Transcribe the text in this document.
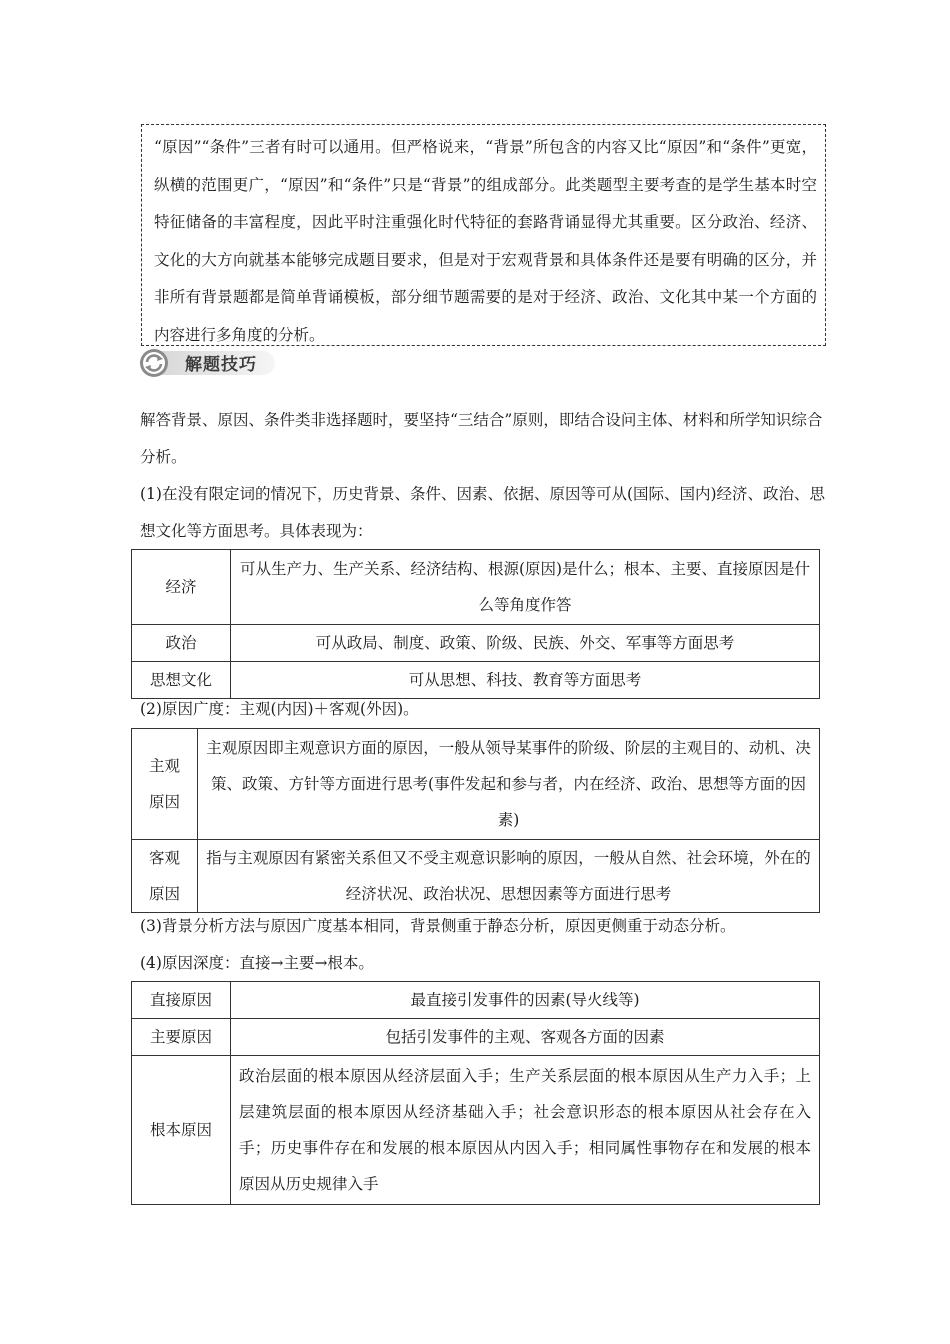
“原因”“条件”三者有时可以通用。但严格说来，“背景”所包含的内容又比“原因”和“条件”更宽，纵横的范围更广，“原因”和“条件”只是“背景”的组成部分。此类题型主要考查的是学生基本时空特征储备的丰富程度，因此平时注重强化时代特征的套路背诵显得尤其重要。区分政治、经济、文化的大方向就基本能够完成题目要求，但是对于宏观背景和具体条件还是要有明确的区分，并非所有背景题都是简单背诵模板，部分细节题需要的是对于经济、政治、文化其中某一个方面的内容进行多角度的分析。

解题技巧

解答背景、原因、条件类非选择题时，要坚持“三结合”原则，即结合设问主体、材料和所学知识综合分析。

(1)在没有限定词的情况下，历史背景、条件、因素、依据、原因等可从(国际、国内)经济、政治、思想文化等方面思考。具体表现为：

经济	可从生产力、生产关系、经济结构、根源(原因)是什么；根本、主要、直接原因是什么等角度作答
政治	可从政局、制度、政策、阶级、民族、外交、军事等方面思考
思想文化	可从思想、科技、教育等方面思考

(2)原因广度：主观(内因)＋客观(外因)。

主观原因	主观原因即主观意识方面的原因，一般从领导某事件的阶级、阶层的主观目的、动机、决策、政策、方针等方面进行思考(事件发起和参与者，内在经济、政治、思想等方面的因素)
客观原因	指与主观原因有紧密关系但又不受主观意识影响的原因，一般从自然、社会环境，外在的经济状况、政治状况、思想因素等方面进行思考

(3)背景分析方法与原因广度基本相同，背景侧重于静态分析，原因更侧重于动态分析。

(4)原因深度：直接→主要→根本。

直接原因	最直接引发事件的因素(导火线等)
主要原因	包括引发事件的主观、客观各方面的因素
根本原因	政治层面的根本原因从经济层面入手；生产关系层面的根本原因从生产力入手；上层建筑层面的根本原因从经济基础入手；社会意识形态的根本原因从社会存在入手；历史事件存在和发展的根本原因从内因入手；相同属性事物存在和发展的根本原因从历史规律入手
